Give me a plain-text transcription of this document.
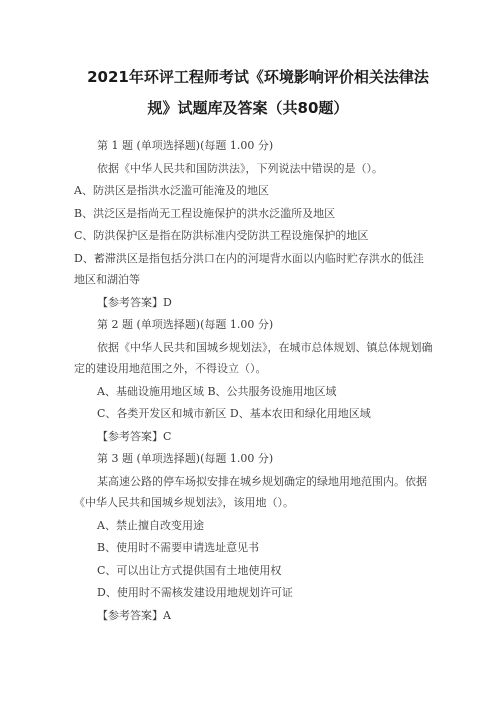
2021年环评工程师考试《环境影响评价相关法律法
规》试题库及答案（共80题）
第 1 题 (单项选择题)(每题 1.00 分)
依据《中华人民共和国防洪法》，下列说法中错误的是（）。
A、防洪区是指洪水泛滥可能淹及的地区
B、洪泛区是指尚无工程设施保护的洪水泛滥所及地区
C、防洪保护区是指在防洪标准内受防洪工程设施保护的地区
D、蓄滞洪区是指包括分洪口在内的河堤背水面以内临时贮存洪水的低洼地区和湖泊等
【参考答案】D
第 2 题 (单项选择题)(每题 1.00 分)
依据《中华人民共和国城乡规划法》，在城市总体规划、镇总体规划确定的建设用地范围之外，不得设立（）。
A、基础设施用地区域 B、公共服务设施用地区域
C、各类开发区和城市新区 D、基本农田和绿化用地区域
【参考答案】C
第 3 题 (单项选择题)(每题 1.00 分)
某高速公路的停车场拟安排在城乡规划确定的绿地用地范围内。依据《中华人民共和国城乡规划法》，该用地（）。
A、禁止擅自改变用途
B、使用时不需要申请选址意见书
C、可以出让方式提供国有土地使用权
D、使用时不需核发建设用地规划许可证
【参考答案】A
